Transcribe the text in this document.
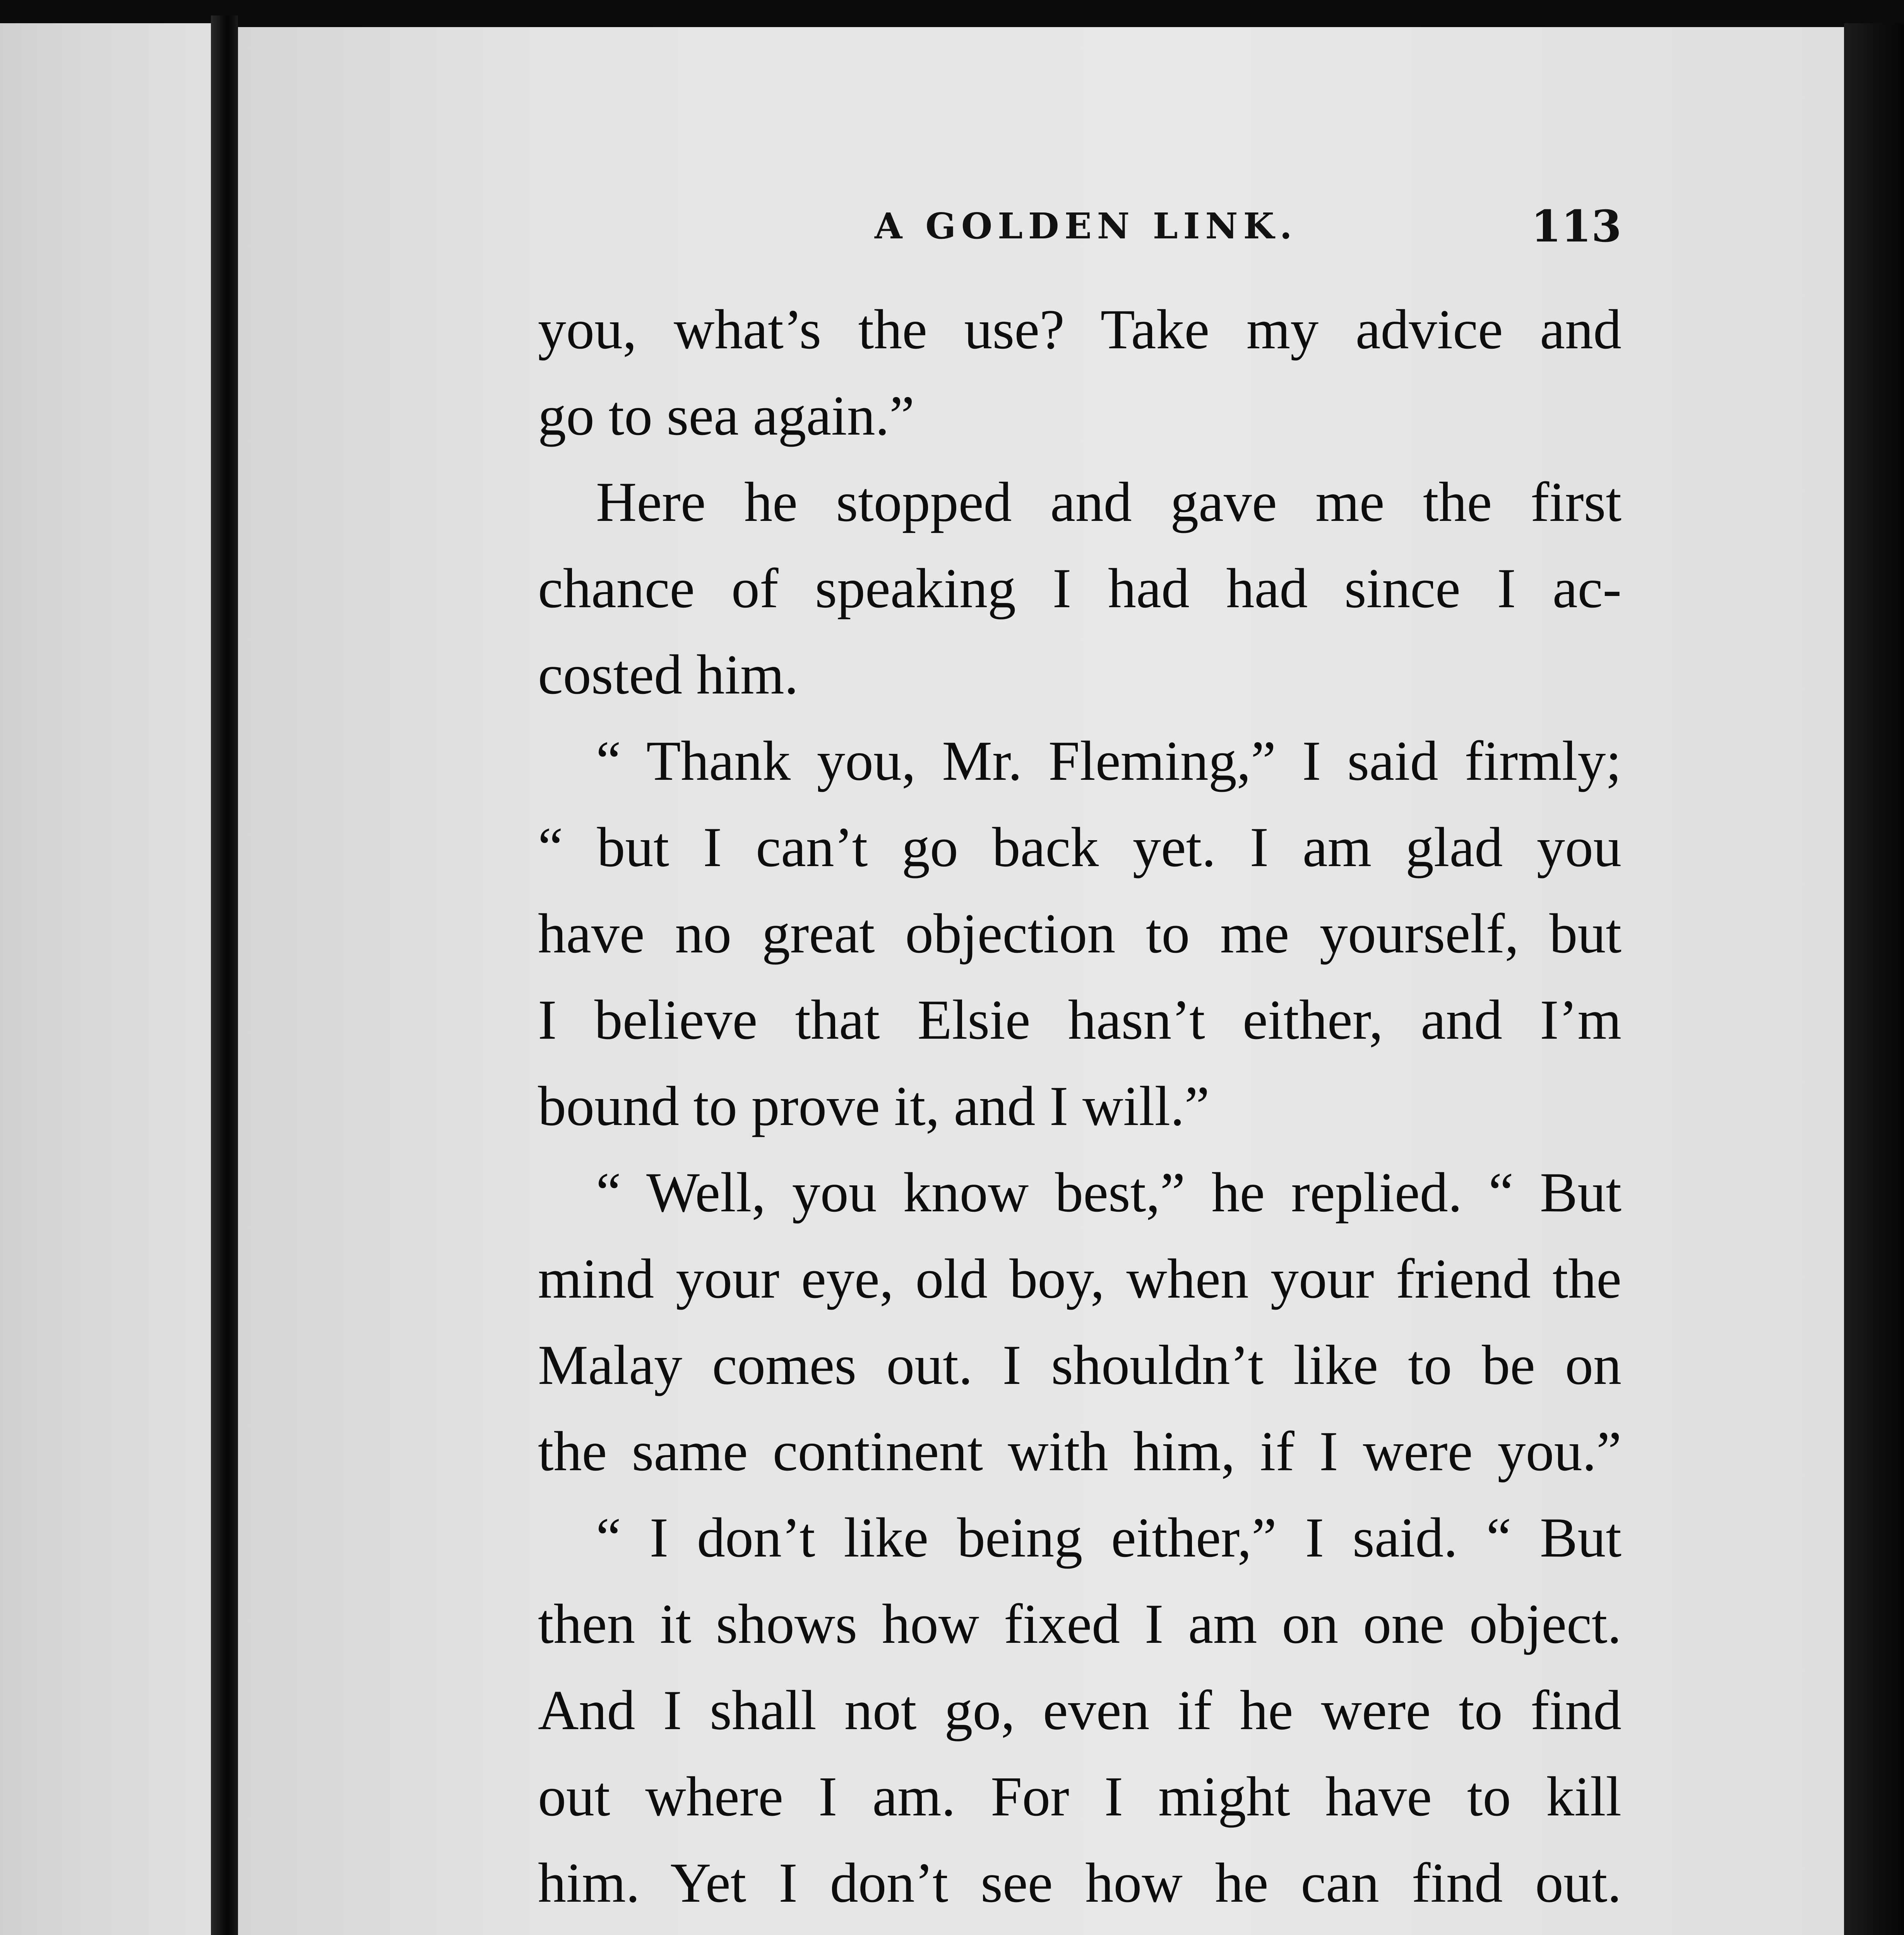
A GOLDEN LINK.	113
you, what’s the use? Take my advice and
go to sea again.”
Here he stopped and gave me the first
chance of speaking I had had since I ac-
costed him.
“ Thank you, Mr. Fleming,” I said firmly;
“ but I can’t go back yet. I am glad you
have no great objection to me yourself, but
I believe that Elsie hasn’t either, and I’m
bound to prove it, and I will.”
“ Well, you know best,” he replied. “ But
mind your eye, old boy, when your friend the
Malay comes out. I shouldn’t like to be on
the same continent with him, if I were you.”
“ I don’t like being either,” I said. “ But
then it shows how fixed I am on one object.
And I shall not go, even if he were to find
out where I am. For I might have to kill
him. Yet I don’t see how he can find out.
